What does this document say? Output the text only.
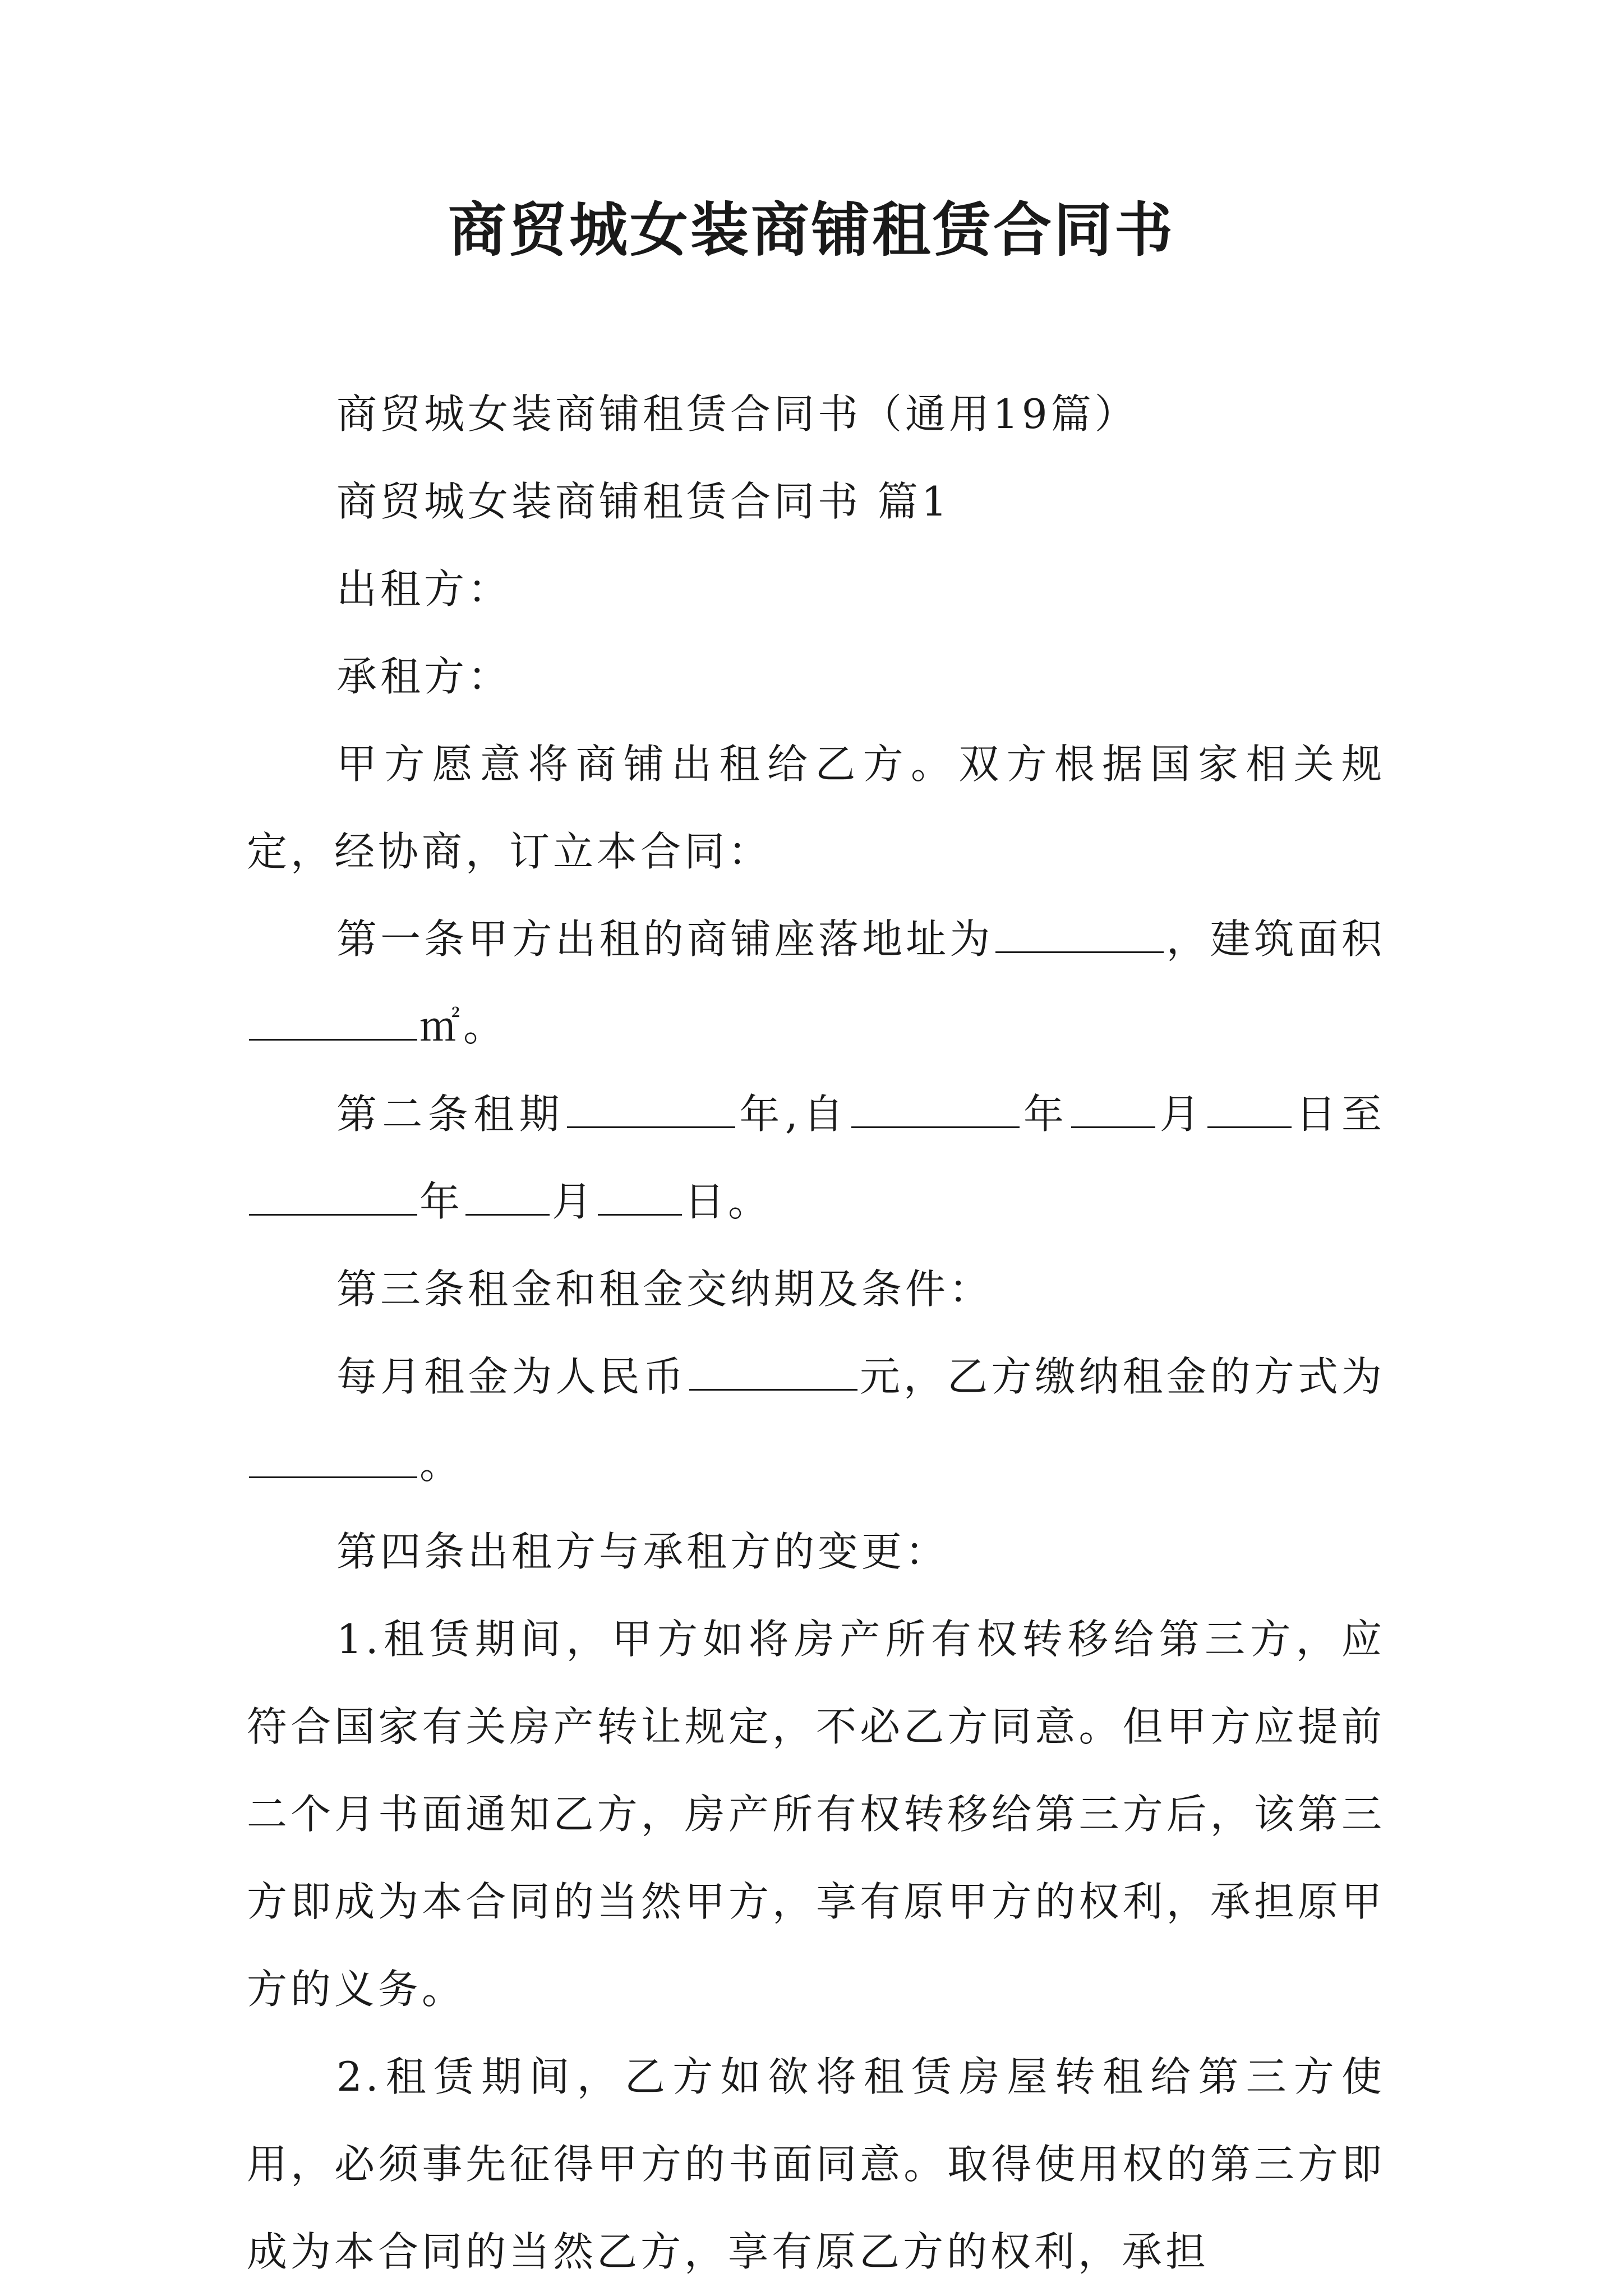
商贸城女装商铺租赁合同书

商贸城女装商铺租赁合同书（通用19篇）

商贸城女装商铺租赁合同书 篇1

出租方：

承租方：

甲方愿意将商铺出租给乙方。双方根据国家相关规定，经协商，订立本合同：

第一条甲方出租的商铺座落地址为	，建筑面积㎡。

第二条租期	年,自	年 月 日至年 月 日。

第三条租金和租金交纳期及条件：

每月租金为人民币	元，乙方缴纳租金的方式为。

第四条出租方与承租方的变更：

1.租赁期间，甲方如将房产所有权转移给第三方，应符合国家有关房产转让规定，不必乙方同意。但甲方应提前二个月书面通知乙方，房产所有权转移给第三方后，该第三方即成为本合同的当然甲方，享有原甲方的权利，承担原甲方的义务。

2.租赁期间，乙方如欲将租赁房屋转租给第三方使用，必须事先征得甲方的书面同意。取得使用权的第三方即成为本合同的当然乙方，享有原乙方的权利，承担
